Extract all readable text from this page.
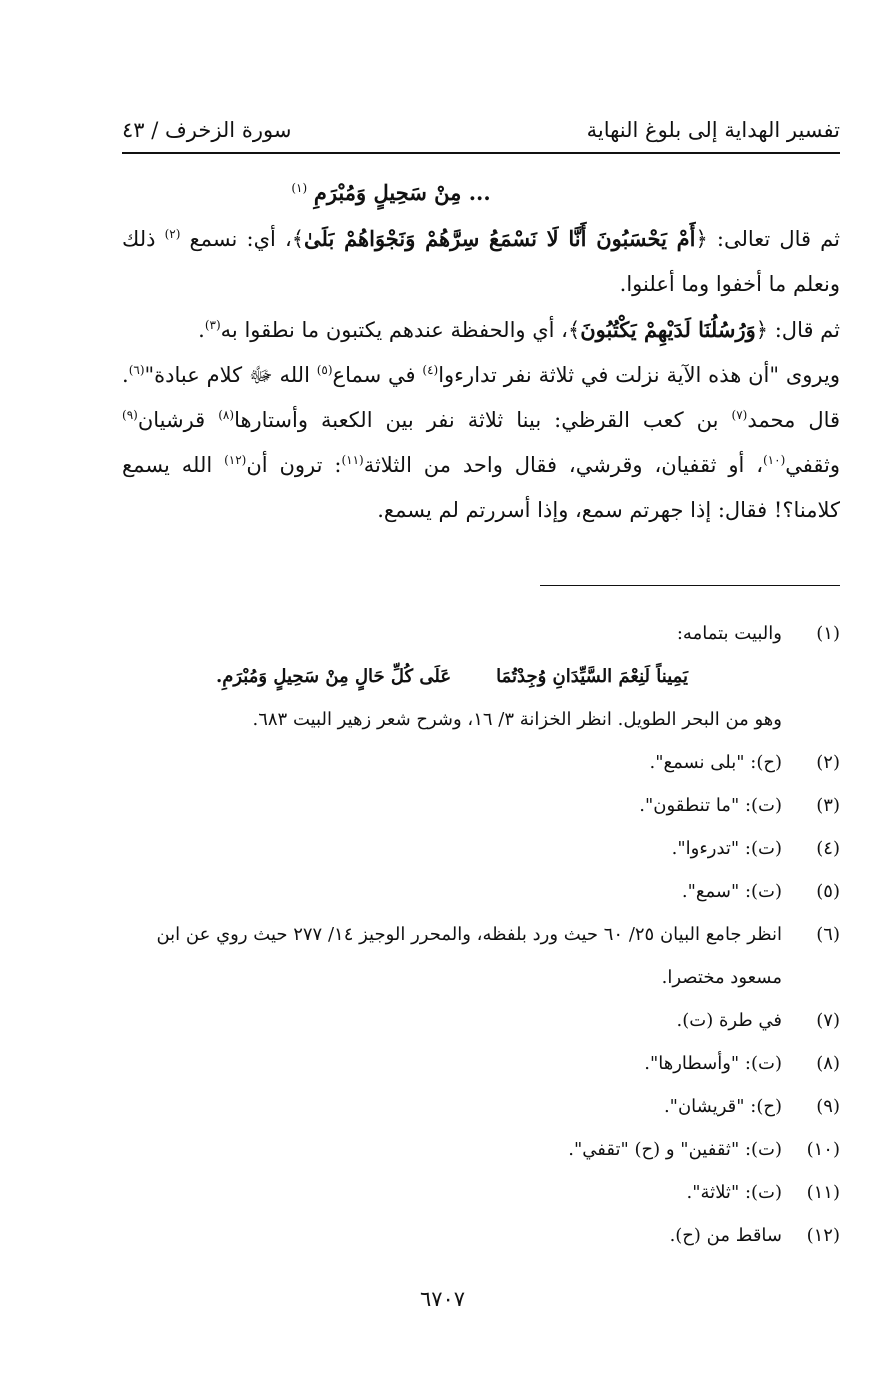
تفسير الهداية إلى بلوغ النهاية
سورة الزخرف / ٤٣

... مِنْ سَحِيلٍ وَمُبْرَمِ $^{(١)}$

ثم قال تعالى: ﴿أَمْ يَحْسَبُونَ أَنَّا لَا نَسْمَعُ سِرَّهُمْ وَنَجْوَاهُمْ بَلَىٰ﴾، أي: نسمع $^{(٢)}$ ذلك ونعلم ما أخفوا وما أعلنوا.

ثم قال: ﴿وَرُسُلُنَا لَدَيْهِمْ يَكْتُبُونَ﴾، أي والحفظة عندهم يكتبون ما نطقوا به$^{(٣)}$.

ويروى "أن هذه الآية نزلت في ثلاثة نفر تدارءوا$^{(٤)}$ في سماع$^{(٥)}$ الله ﷻ كلام عبادة"$^{(٦)}$. قال محمد$^{(٧)}$ بن كعب القرظي: بينا ثلاثة نفر بين الكعبة وأستارها$^{(٨)}$ قرشيان$^{(٩)}$ وثقفي$^{(١٠)}$، أو ثقفيان، وقرشي، فقال واحد من الثلاثة$^{(١١)}$: ترون أن$^{(١٢)}$ الله يسمع كلامنا؟! فقال: إذا جهرتم سمع، وإذا أسررتم لم يسمع.

(١)
والبيت بتمامه:
يَمِيناً لَنِعْمَ السَّيِّدَانِ وُجِدْتُمَا
عَلَى كُلِّ حَالٍ مِنْ سَحِيلٍ وَمُبْرَمِ.
وهو من البحر الطويل. انظر الخزانة ٣/ ١٦، وشرح شعر زهير البيت ٦٨٣.
(٢)
(ح): "بلى نسمع".
(٣)
(ت): "ما تنطقون".
(٤)
(ت): "تدرءوا".
(٥)
(ت): "سمع".
(٦)
انظر جامع البيان ٢٥/ ٦٠ حيث ورد بلفظه، والمحرر الوجيز ١٤/ ٢٧٧ حيث روي عن ابن مسعود مختصرا.
(٧)
في طرة (ت).
(٨)
(ت): "وأسطارها".
(٩)
(ح): "قريشان".
(١٠)
(ت): "ثقفين" و (ح) "تقفي".
(١١)
(ت): "ثلاثة".
(١٢)
ساقط من (ح).
٦٧٠٧
